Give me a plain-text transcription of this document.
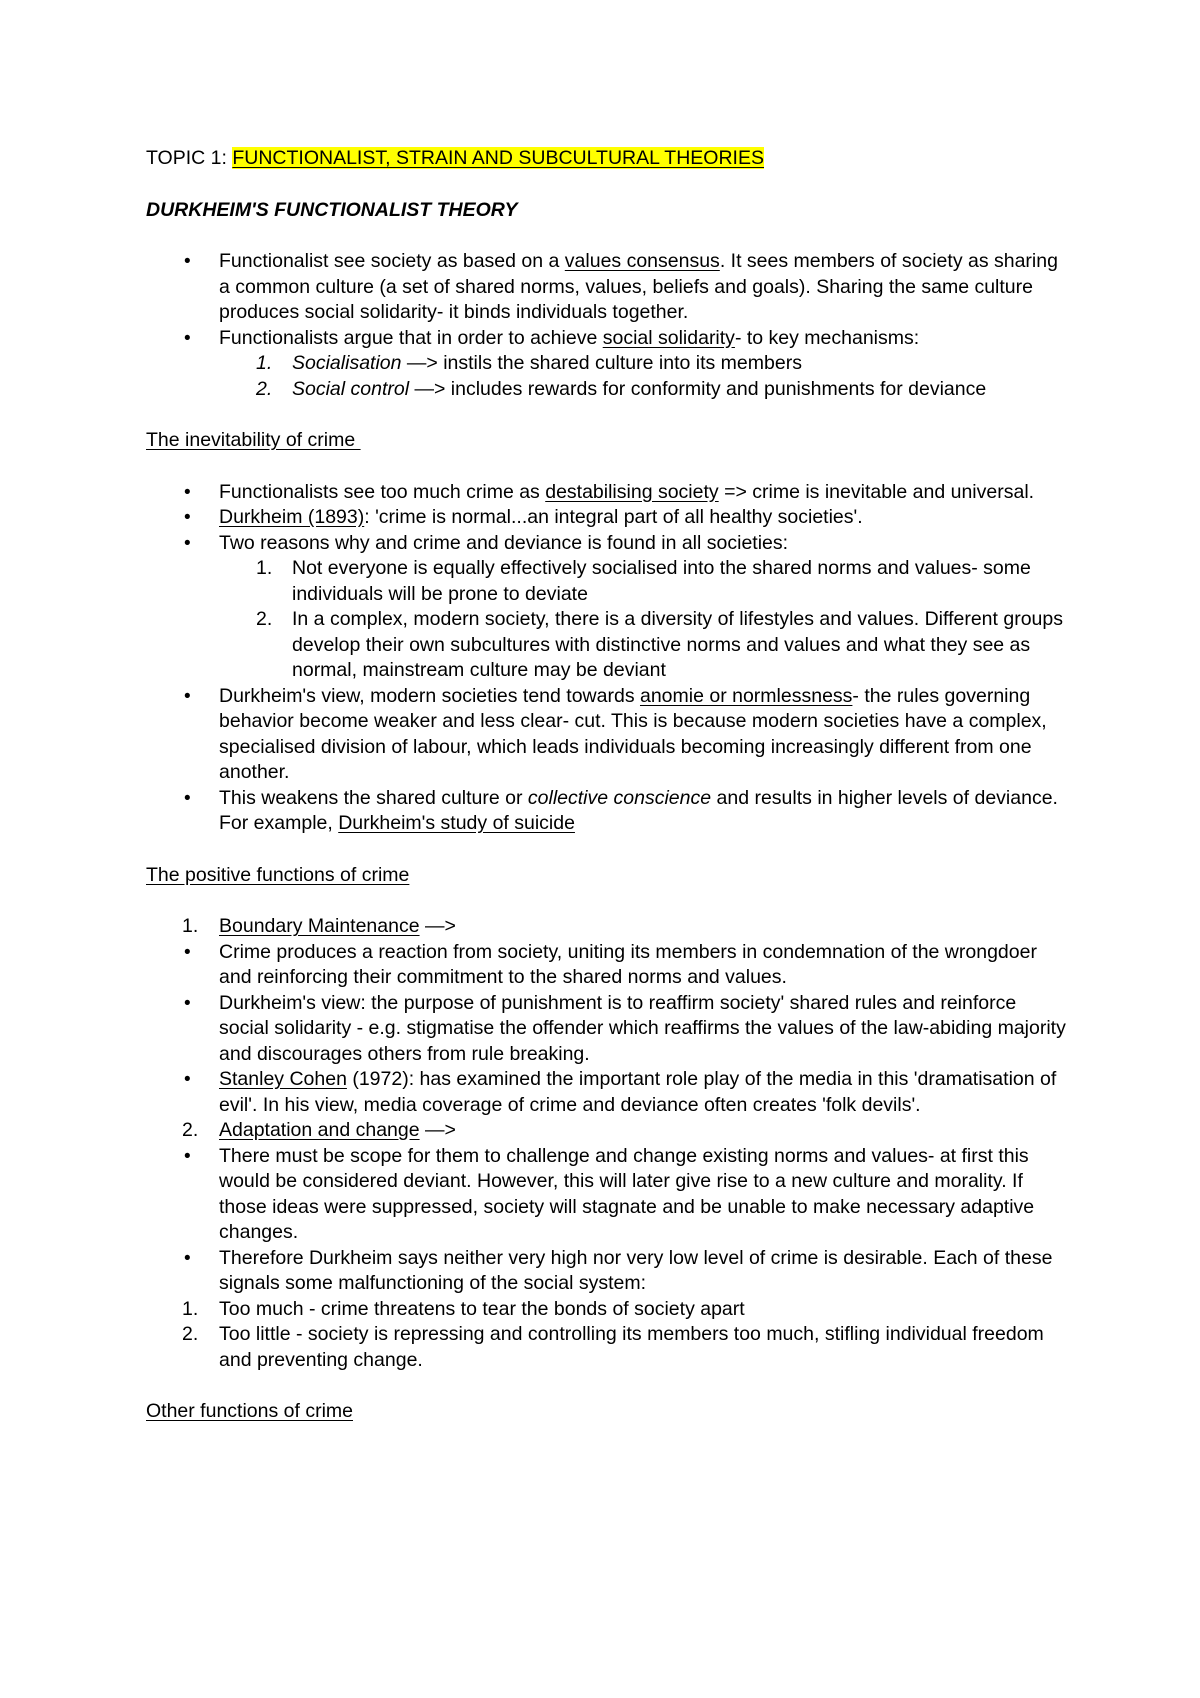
TOPIC 1: FUNCTIONALIST, STRAIN AND SUBCULTURAL THEORIES
DURKHEIM'S FUNCTIONALIST THEORY
• Functionalist see society as based on a values consensus. It sees members of society as sharing a common culture (a set of shared norms, values, beliefs and goals). Sharing the same culture produces social solidarity- it binds individuals together.
• Functionalists argue that in order to achieve social solidarity- to key mechanisms:
1. Socialisation —> instils the shared culture into its members
2. Social control —> includes rewards for conformity and punishments for deviance
The inevitability of crime
• Functionalists see too much crime as destabilising society => crime is inevitable and universal.
• Durkheim (1893): 'crime is normal...an integral part of all healthy societies'.
• Two reasons why and crime and deviance is found in all societies:
1. Not everyone is equally effectively socialised into the shared norms and values- some individuals will be prone to deviate
2. In a complex, modern society, there is a diversity of lifestyles and values. Different groups develop their own subcultures with distinctive norms and values and what they see as normal, mainstream culture may be deviant
• Durkheim's view, modern societies tend towards anomie or normlessness- the rules governing behavior become weaker and less clear- cut. This is because modern societies have a complex, specialised division of labour, which leads individuals becoming increasingly different from one another.
• This weakens the shared culture or collective conscience and results in higher levels of deviance. For example, Durkheim's study of suicide
The positive functions of crime
1. Boundary Maintenance —>
• Crime produces a reaction from society, uniting its members in condemnation of the wrongdoer and reinforcing their commitment to the shared norms and values.
• Durkheim's view: the purpose of punishment is to reaffirm society' shared rules and reinforce social solidarity - e.g. stigmatise the offender which reaffirms the values of the law-abiding majority and discourages others from rule breaking.
• Stanley Cohen (1972): has examined the important role play of the media in this 'dramatisation of evil'. In his view, media coverage of crime and deviance often creates 'folk devils'.
2. Adaptation and change —>
• There must be scope for them to challenge and change existing norms and values- at first this would be considered deviant. However, this will later give rise to a new culture and morality. If those ideas were suppressed, society will stagnate and be unable to make necessary adaptive changes.
• Therefore Durkheim says neither very high nor very low level of crime is desirable. Each of these signals some malfunctioning of the social system:
1. Too much - crime threatens to tear the bonds of society apart
2. Too little - society is repressing and controlling its members too much, stifling individual freedom and preventing change.
Other functions of crime
